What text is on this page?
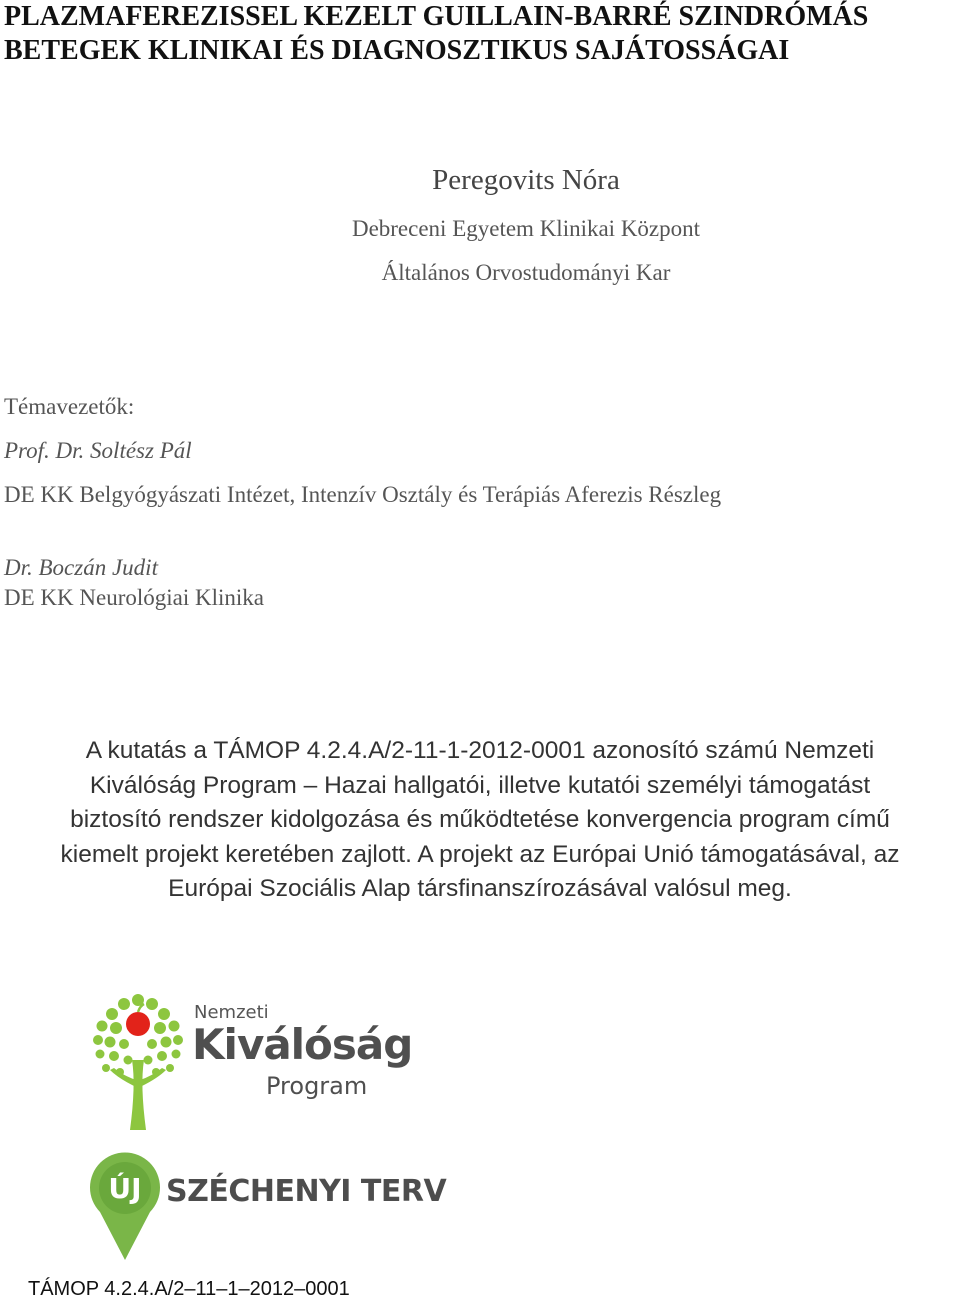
PLAZMAFEREZISSEL KEZELT GUILLAIN-BARRÉ SZINDRÓMÁS
BETEGEK KLINIKAI ÉS DIAGNOSZTIKUS SAJÁTOSSÁGAI
Peregovits Nóra
Debreceni Egyetem Klinikai Központ
Általános Orvostudományi Kar
Témavezetők:
Prof. Dr. Soltész Pál
DE KK Belgyógyászati Intézet, Intenzív Osztály és Terápiás Aferezis Részleg
Dr. Boczán Judit
DE KK Neurológiai Klinika
A kutatás a TÁMOP 4.2.4.A/2-11-1-2012-0001 azonosító számú Nemzeti
Kiválóság Program – Hazai hallgatói, illetve kutatói személyi támogatást
biztosító rendszer kidolgozása és működtetése konvergencia program című
kiemelt projekt keretében zajlott. A projekt az Európai Unió támogatásával, az
Európai Szociális Alap társfinanszírozásával valósul meg.
Nemzeti
Kiválóság
Program
ÚJ SZÉCHENYI TERV
TÁMOP 4.2.4.A/2–11–1–2012–0001
